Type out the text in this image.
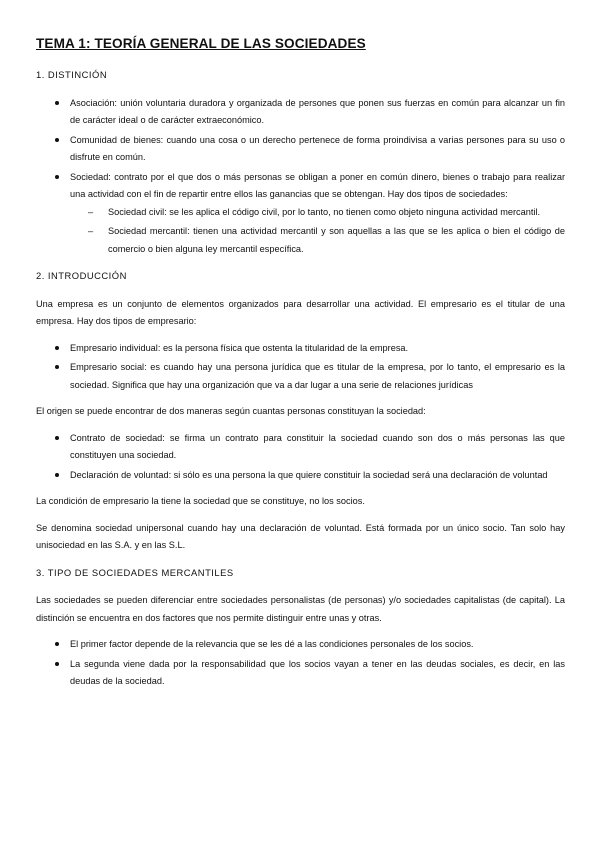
TEMA 1: TEORÍA GENERAL DE LAS SOCIEDADES
1. DISTINCIÓN
Asociación: unión voluntaria duradora y organizada de persones que ponen sus fuerzas en común para alcanzar un fin de carácter ideal o de carácter extraeconómico.
Comunidad de bienes: cuando una cosa o un derecho pertenece de forma proindivisa a varias persones para su uso o disfrute en común.
Sociedad: contrato por el que dos o más personas se obligan a poner en común dinero, bienes o trabajo para realizar una actividad con el fin de repartir entre ellos las ganancias que se obtengan. Hay dos tipos de sociedades:
– Sociedad civil: se les aplica el código civil, por lo tanto, no tienen como objeto ninguna actividad mercantil.
– Sociedad mercantil: tienen una actividad mercantil y son aquellas a las que se les aplica o bien el código de comercio o bien alguna ley mercantil específica.
2. INTRODUCCIÓN

Una empresa es un conjunto de elementos organizados para desarrollar una actividad. El empresario es el titular de una empresa. Hay dos tipos de empresario:

Empresario individual: es la persona física que ostenta la titularidad de la empresa.
Empresario social: es cuando hay una persona jurídica que es titular de la empresa, por lo tanto, el empresario es la sociedad. Significa que hay una organización que va a dar lugar a una serie de relaciones jurídicas

El origen se puede encontrar de dos maneras según cuantas personas constituyan la sociedad:

Contrato de sociedad: se firma un contrato para constituir la sociedad cuando son dos o más personas las que constituyen una sociedad.
Declaración de voluntad: si sólo es una persona la que quiere constituir la sociedad será una declaración de voluntad

La condición de empresario la tiene la sociedad que se constituye, no los socios.

Se denomina sociedad unipersonal cuando hay una declaración de voluntad. Está formada por un único socio. Tan solo hay unisociedad en las S.A. y en las S.L.

3. TIPO DE SOCIEDADES MERCANTILES

Las sociedades se pueden diferenciar entre sociedades personalistas (de personas) y/o sociedades capitalistas (de capital). La distinción se encuentra en dos factores que nos permite distinguir entre unas y otras.

El primer factor depende de la relevancia que se les dé a las condiciones personales de los socios.
La segunda viene dada por la responsabilidad que los socios vayan a tener en las deudas sociales, es decir, en las deudas de la sociedad.
